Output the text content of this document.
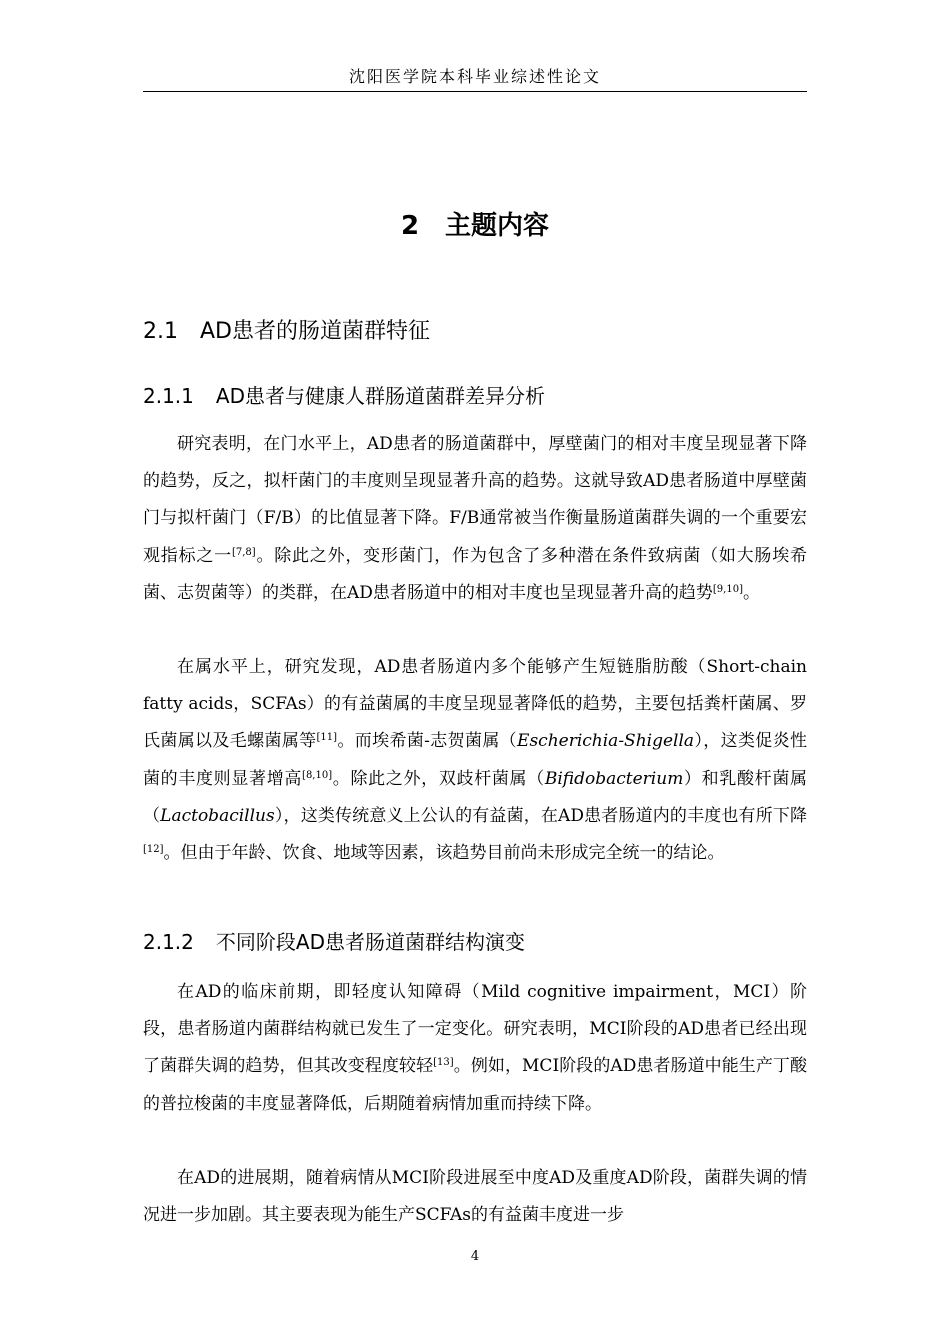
沈阳医学院本科毕业综述性论文
2 主题内容
2.1 AD患者的肠道菌群特征
2.1.1 AD患者与健康人群肠道菌群差异分析

研究表明，在门水平上，AD患者的肠道菌群中，厚壁菌门的相对丰度呈现显著下降的趋势，反之，拟杆菌门的丰度则呈现显著升高的趋势。这就导致AD患者肠道中厚壁菌门与拟杆菌门（F/B）的比值显著下降。F/B通常被当作衡量肠道菌群失调的一个重要宏观指标之一[7,8]。除此之外，变形菌门，作为包含了多种潜在条件致病菌（如大肠埃希菌、志贺菌等）的类群，在AD患者肠道中的相对丰度也呈现显著升高的趋势[9,10]。

在属水平上，研究发现，AD患者肠道内多个能够产生短链脂肪酸（Short-chain fatty acids，SCFAs）的有益菌属的丰度呈现显著降低的趋势，主要包括粪杆菌属、罗氏菌属以及毛螺菌属等[11]。而埃希菌-志贺菌属（Escherichia-Shigella），这类促炎性菌的丰度则显著增高[8,10]。除此之外，双歧杆菌属（Bifidobacterium）和乳酸杆菌属（Lactobacillus），这类传统意义上公认的有益菌，在AD患者肠道内的丰度也有所下降[12]。但由于年龄、饮食、地域等因素，该趋势目前尚未形成完全统一的结论。

2.1.2 不同阶段AD患者肠道菌群结构演变

在AD的临床前期，即轻度认知障碍（Mild cognitive impairment，MCI）阶段，患者肠道内菌群结构就已发生了一定变化。研究表明，MCI阶段的AD患者已经出现了菌群失调的趋势，但其改变程度较轻[13]。例如，MCI阶段的AD患者肠道中能生产丁酸的普拉梭菌的丰度显著降低，后期随着病情加重而持续下降。

在AD的进展期，随着病情从MCI阶段进展至中度AD及重度AD阶段，菌群失调的情况进一步加剧。其主要表现为能生产SCFAs的有益菌丰度进一步

4
